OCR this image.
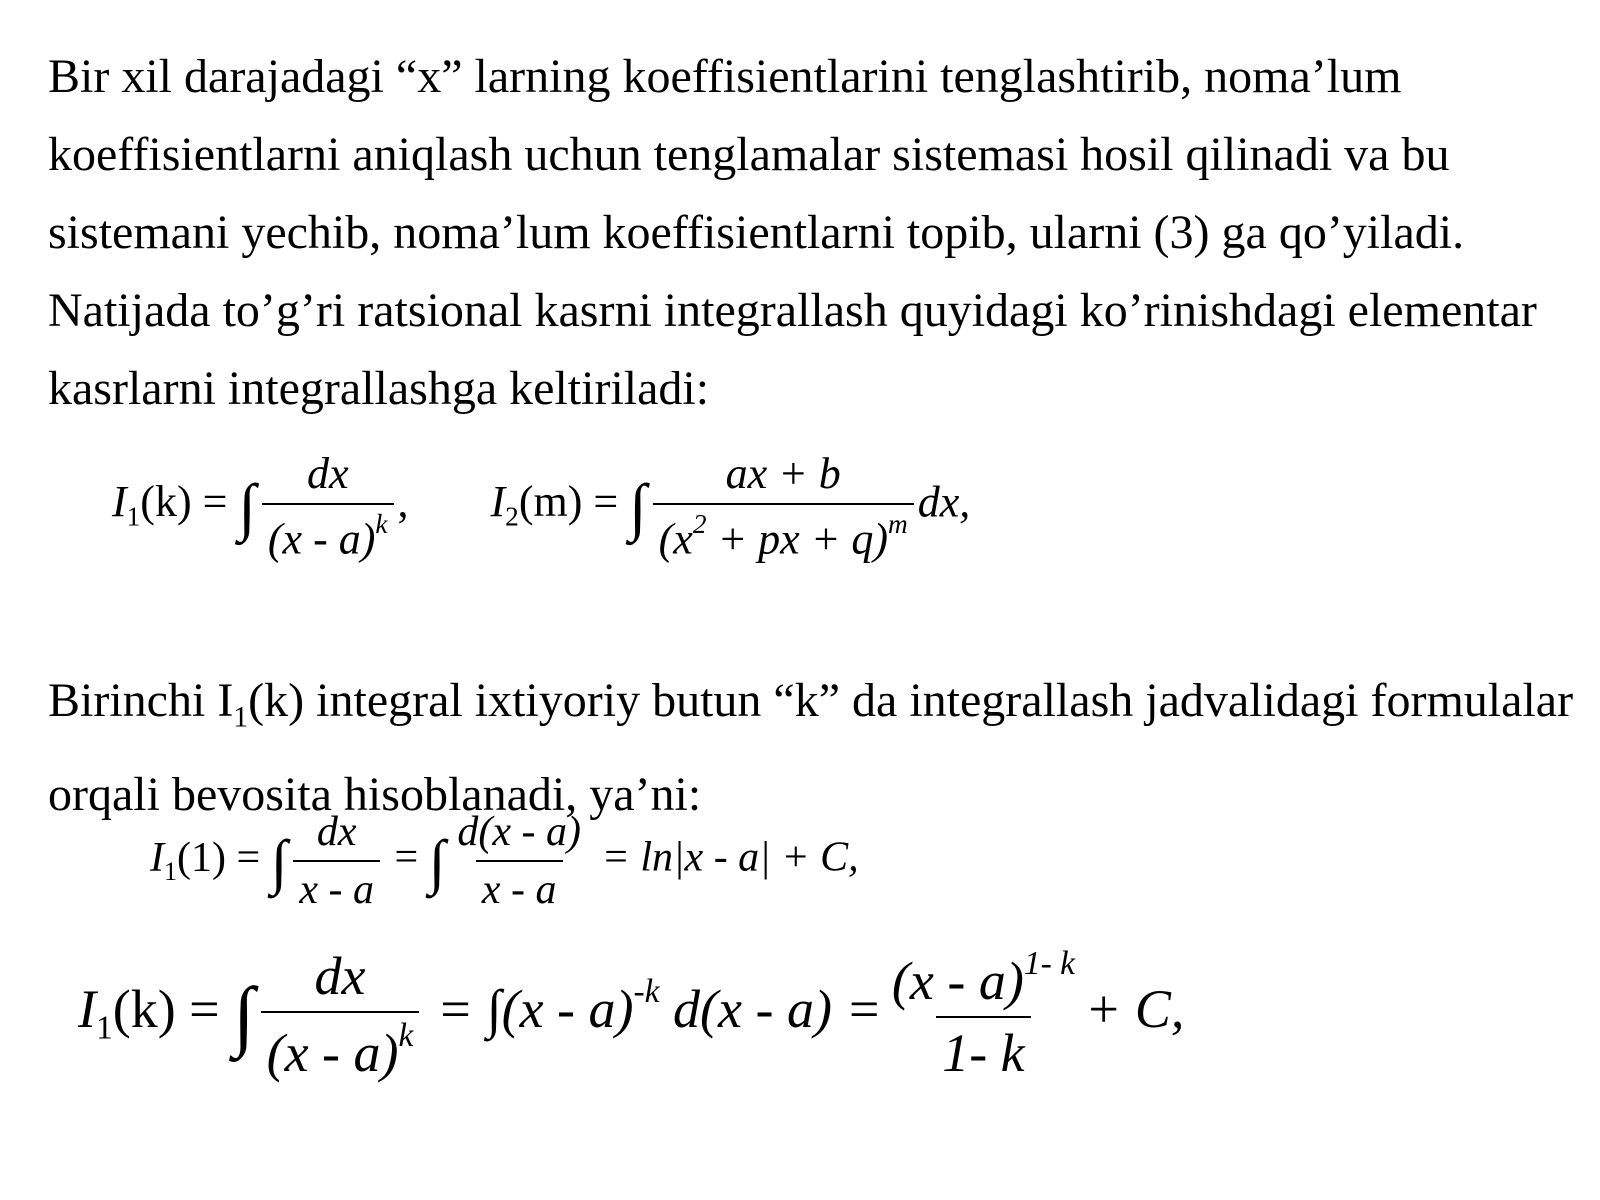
Bir xil darajadagi “x” larning koeffisientlarini tenglashtirib, noma’lum koeffisientlarni aniqlash uchun tenglamalar sistemasi hosil qilinadi va bu sistemani yechib, noma’lum koeffisientlarni topib, ularni (3) ga qo’yiladi. Natijada to’g’ri ratsional kasrni integrallash quyidagi ko’rinishdagi elementar kasrlarni integrallashga keltiriladi:

$I_1(k)$ = ∫ $\frac{dx}{(x - a)^k}$ , $I_2(m)$ = ∫ $\frac{ax + b}{(x^2 + px + q)^m}$ dx,

Birinchi $I_1(k)$ integral ixtiyoriy butun “k” da integrallash jadvalidagi formulalar orqali bevosita hisoblanadi, ya’ni:

$I_1(1)$ = ∫ $\frac{dx}{x - a}$ = ∫ $\frac{d(x - a)}{x - a} = \ln|x - a| + C$,
$I_1(k)$ = ∫ $\frac{dx}{(x - a)^k} = \int(x - a)^{-k}$ $d(x - a) = \frac{(x - a)^{1- k}}{1- k} + C$,
